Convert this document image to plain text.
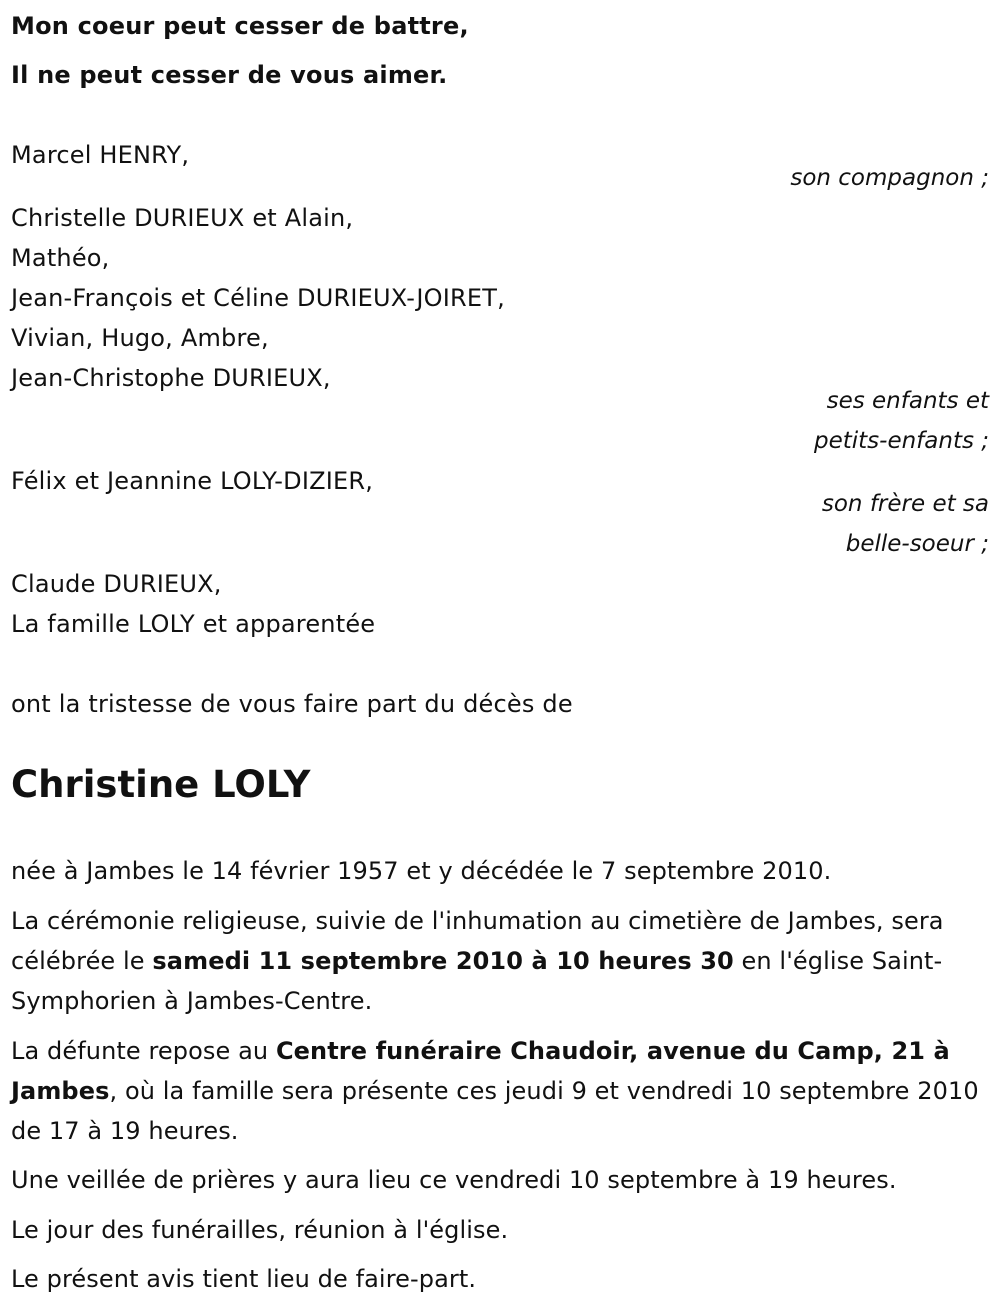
Mon coeur peut cesser de battre,
Il ne peut cesser de vous aimer.
Marcel HENRY,
son compagnon ;
Christelle DURIEUX et Alain,
Mathéo,
Jean-François et Céline DURIEUX-JOIRET,
Vivian, Hugo, Ambre,
Jean-Christophe DURIEUX,
ses enfants et
petits-enfants ;
Félix et Jeannine LOLY-DIZIER,
son frère et sa
belle-soeur ;
Claude DURIEUX,
La famille LOLY et apparentée
ont la tristesse de vous faire part du décès de
Christine LOLY
née à Jambes le 14 février 1957 et y décédée le 7 septembre 2010.
La cérémonie religieuse, suivie de l'inhumation au cimetière de Jambes, sera célébrée le samedi 11 septembre 2010 à 10 heures 30 en l'église Saint-Symphorien à Jambes-Centre.
La défunte repose au Centre funéraire Chaudoir, avenue du Camp, 21 à Jambes, où la famille sera présente ces jeudi 9 et vendredi 10 septembre 2010 de 17 à 19 heures.
Une veillée de prières y aura lieu ce vendredi 10 septembre à 19 heures.
Le jour des funérailles, réunion à l'église.
Le présent avis tient lieu de faire-part.
